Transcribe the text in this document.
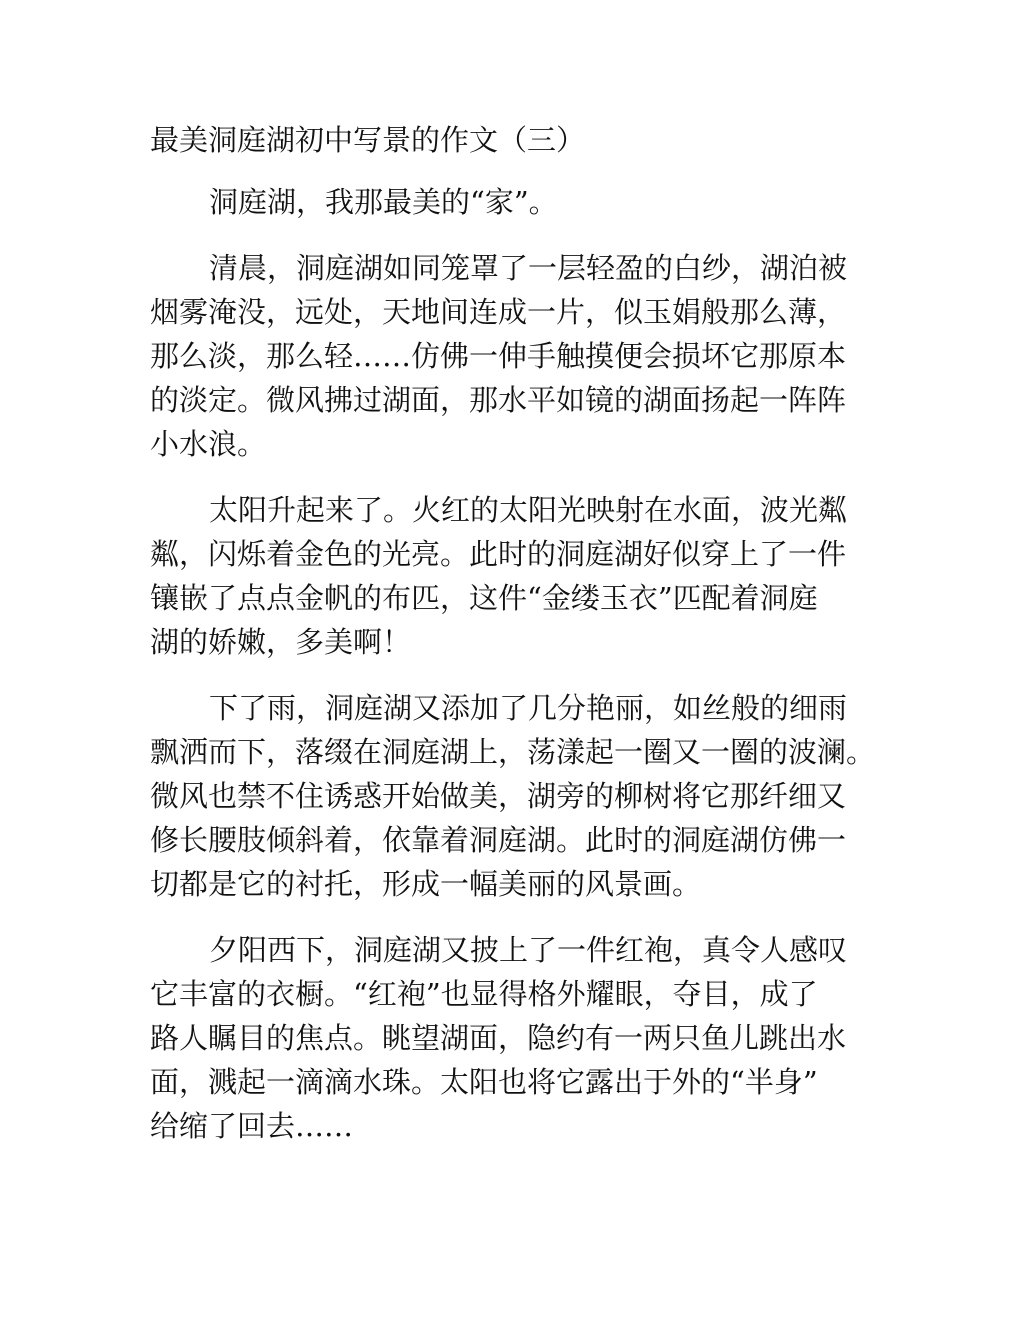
最美洞庭湖初中写景的作文（三）

洞庭湖，我那最美的“家”。

清晨，洞庭湖如同笼罩了一层轻盈的白纱，湖泊被
烟雾淹没，远处，天地间连成一片，似玉娟般那么薄，
那么淡，那么轻……仿佛一伸手触摸便会损坏它那原本
的淡定。微风拂过湖面，那水平如镜的湖面扬起一阵阵
小水浪。

太阳升起来了。火红的太阳光映射在水面，波光粼
粼，闪烁着金色的光亮。此时的洞庭湖好似穿上了一件
镶嵌了点点金帆的布匹，这件“金缕玉衣”匹配着洞庭
湖的娇嫩，多美啊！

下了雨，洞庭湖又添加了几分艳丽，如丝般的细雨
飘洒而下，落缀在洞庭湖上，荡漾起一圈又一圈的波澜。
微风也禁不住诱惑开始做美，湖旁的柳树将它那纤细又
修长腰肢倾斜着，依靠着洞庭湖。此时的洞庭湖仿佛一
切都是它的衬托，形成一幅美丽的风景画。

夕阳西下，洞庭湖又披上了一件红袍，真令人感叹
它丰富的衣橱。“红袍”也显得格外耀眼，夺目，成了
路人瞩目的焦点。眺望湖面，隐约有一两只鱼儿跳出水
面，溅起一滴滴水珠。太阳也将它露出于外的“半身”
给缩了回去……
